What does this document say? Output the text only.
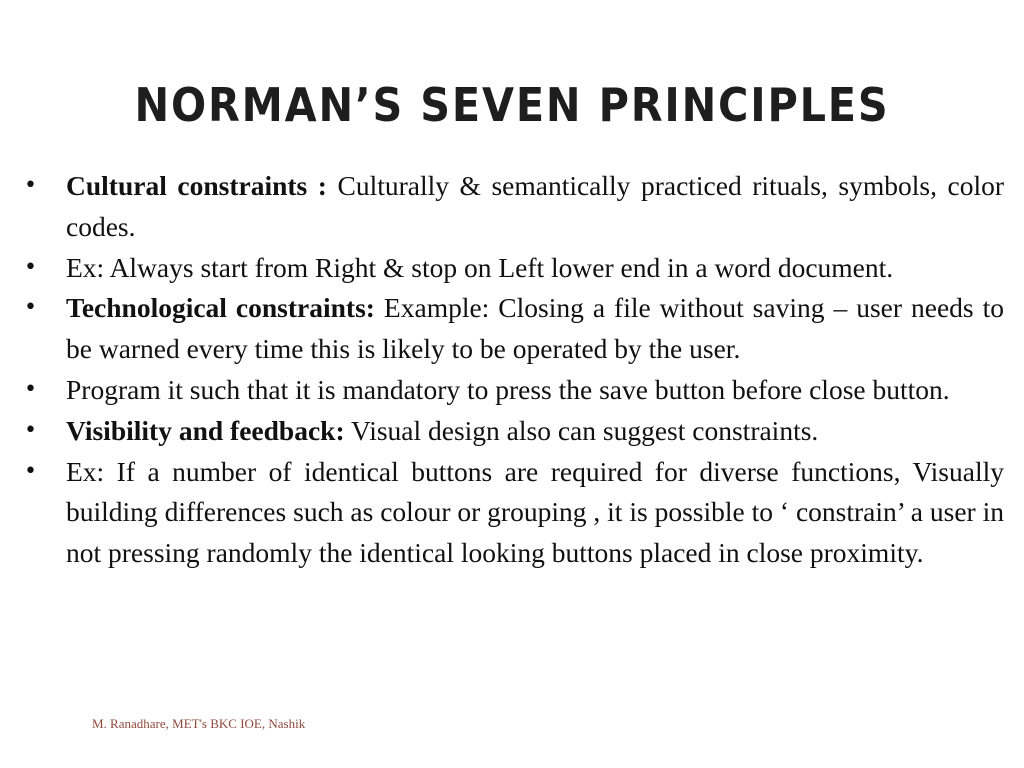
NORMAN’S SEVEN PRINCIPLES
• Cultural constraints : Culturally & semantically practiced rituals, symbols, color codes.
• Ex: Always start from Right & stop on Left lower end in a word document.
• Technological constraints: Example: Closing a file without saving – user needs to be warned every time this is likely to be operated by the user.
• Program it such that it is mandatory to press the save button before close button.
• Visibility and feedback: Visual design also can suggest constraints.
• Ex: If a number of identical buttons are required for diverse functions, Visually building differences such as colour or grouping , it is possible to ‘ constrain’ a user in not pressing randomly the identical looking buttons placed in close proximity.
M. Ranadhare, MET's BKC IOE, Nashik
